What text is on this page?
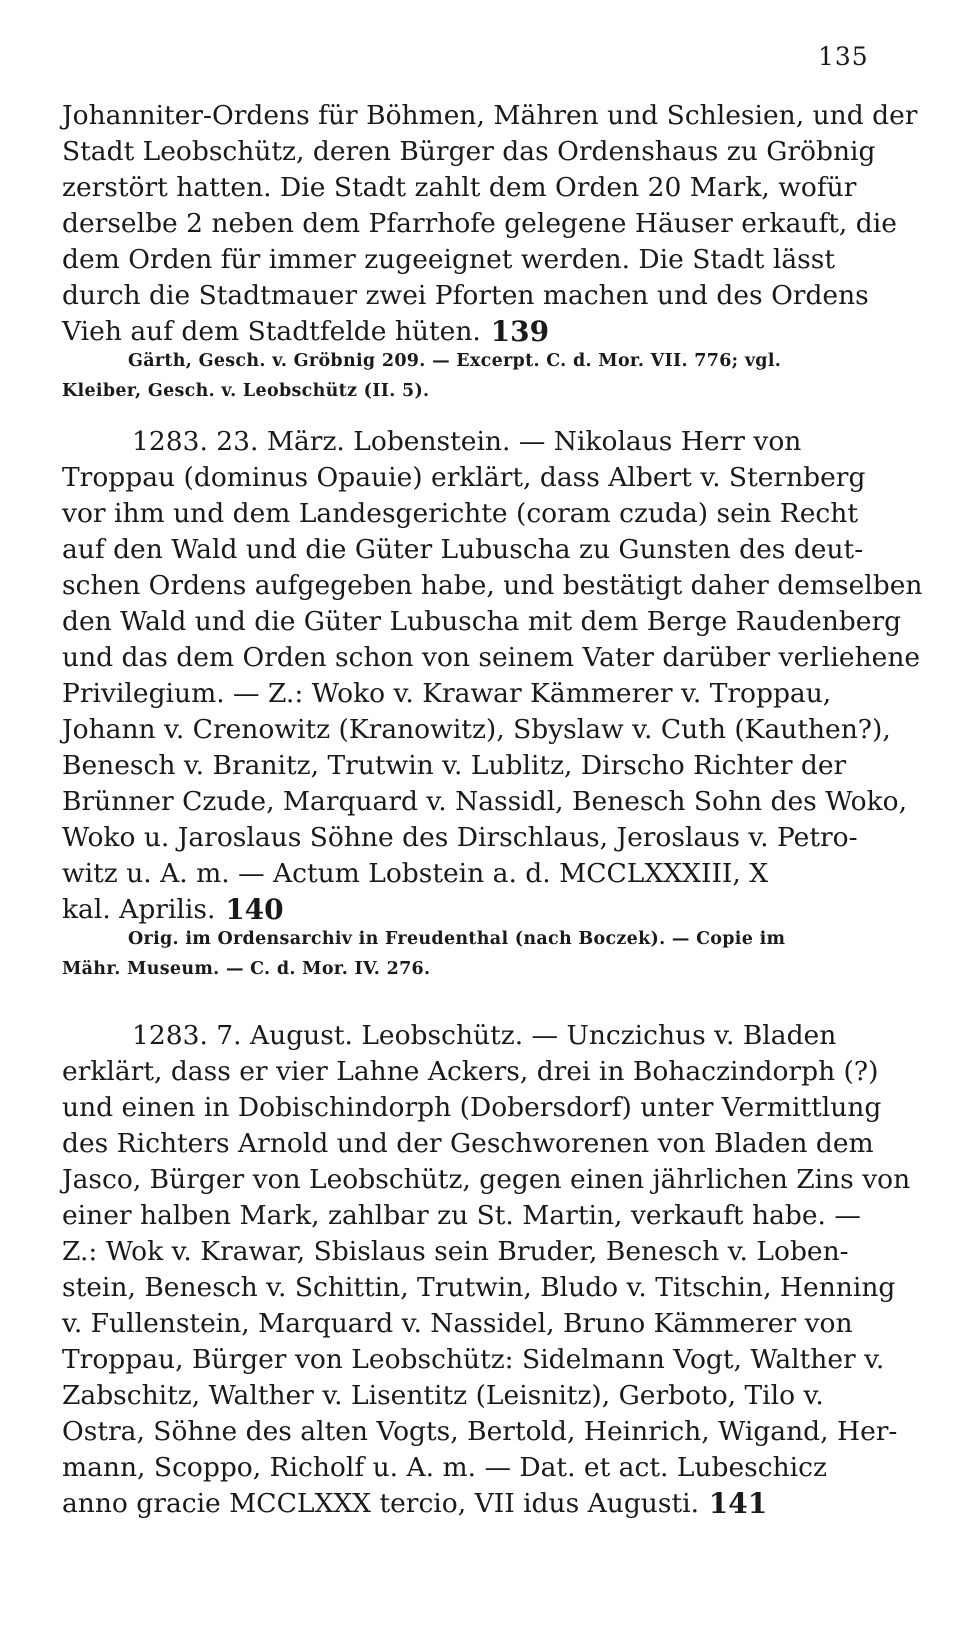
135
Johanniter-Ordens für Böhmen, Mähren und Schlesien, und der
Stadt Leobschütz, deren Bürger das Ordenshaus zu Gröbnig
zerstört hatten. Die Stadt zahlt dem Orden 20 Mark, wofür
derselbe 2 neben dem Pfarrhofe gelegene Häuser erkauft, die
dem Orden für immer zugeeignet werden. Die Stadt lässt
durch die Stadtmauer zwei Pforten machen und des Ordens
Vieh auf dem Stadtfelde hüten. 139
Gärth, Gesch. v. Gröbnig 209. — Excerpt. C. d. Mor. VII. 776; vgl.
Kleiber, Gesch. v. Leobschütz (II. 5).
1283. 23. März. Lobenstein. — Nikolaus Herr von
Troppau (dominus Opauie) erklärt, dass Albert v. Sternberg
vor ihm und dem Landesgerichte (coram czuda) sein Recht
auf den Wald und die Güter Lubuscha zu Gunsten des deut-
schen Ordens aufgegeben habe, und bestätigt daher demselben
den Wald und die Güter Lubuscha mit dem Berge Raudenberg
und das dem Orden schon von seinem Vater darüber verliehene
Privilegium. — Z.: Woko v. Krawar Kämmerer v. Troppau,
Johann v. Crenowitz (Kranowitz), Sbyslaw v. Cuth (Kauthen?),
Benesch v. Branitz, Trutwin v. Lublitz, Dirscho Richter der
Brünner Czude, Marquard v. Nassidl, Benesch Sohn des Woko,
Woko u. Jaroslaus Söhne des Dirschlaus, Jeroslaus v. Petro-
witz u. A. m. — Actum Lobstein a. d. MCCLXXXIII, X
kal. Aprilis. 140
Orig. im Ordensarchiv in Freudenthal (nach Boczek). — Copie im
Mähr. Museum. — C. d. Mor. IV. 276.
1283. 7. August. Leobschütz. — Unczichus v. Bladen
erklärt, dass er vier Lahne Ackers, drei in Bohaczindorph (?)
und einen in Dobischindorph (Dobersdorf) unter Vermittlung
des Richters Arnold und der Geschworenen von Bladen dem
Jasco, Bürger von Leobschütz, gegen einen jährlichen Zins von
einer halben Mark, zahlbar zu St. Martin, verkauft habe. —
Z.: Wok v. Krawar, Sbislaus sein Bruder, Benesch v. Loben-
stein, Benesch v. Schittin, Trutwin, Bludo v. Titschin, Henning
v. Fullenstein, Marquard v. Nassidel, Bruno Kämmerer von
Troppau, Bürger von Leobschütz: Sidelmann Vogt, Walther v.
Zabschitz, Walther v. Lisentitz (Leisnitz), Gerboto, Tilo v.
Ostra, Söhne des alten Vogts, Bertold, Heinrich, Wigand, Her-
mann, Scoppo, Richolf u. A. m. — Dat. et act. Lubeschicz
anno gracie MCCLXXX tercio, VII idus Augusti. 141
